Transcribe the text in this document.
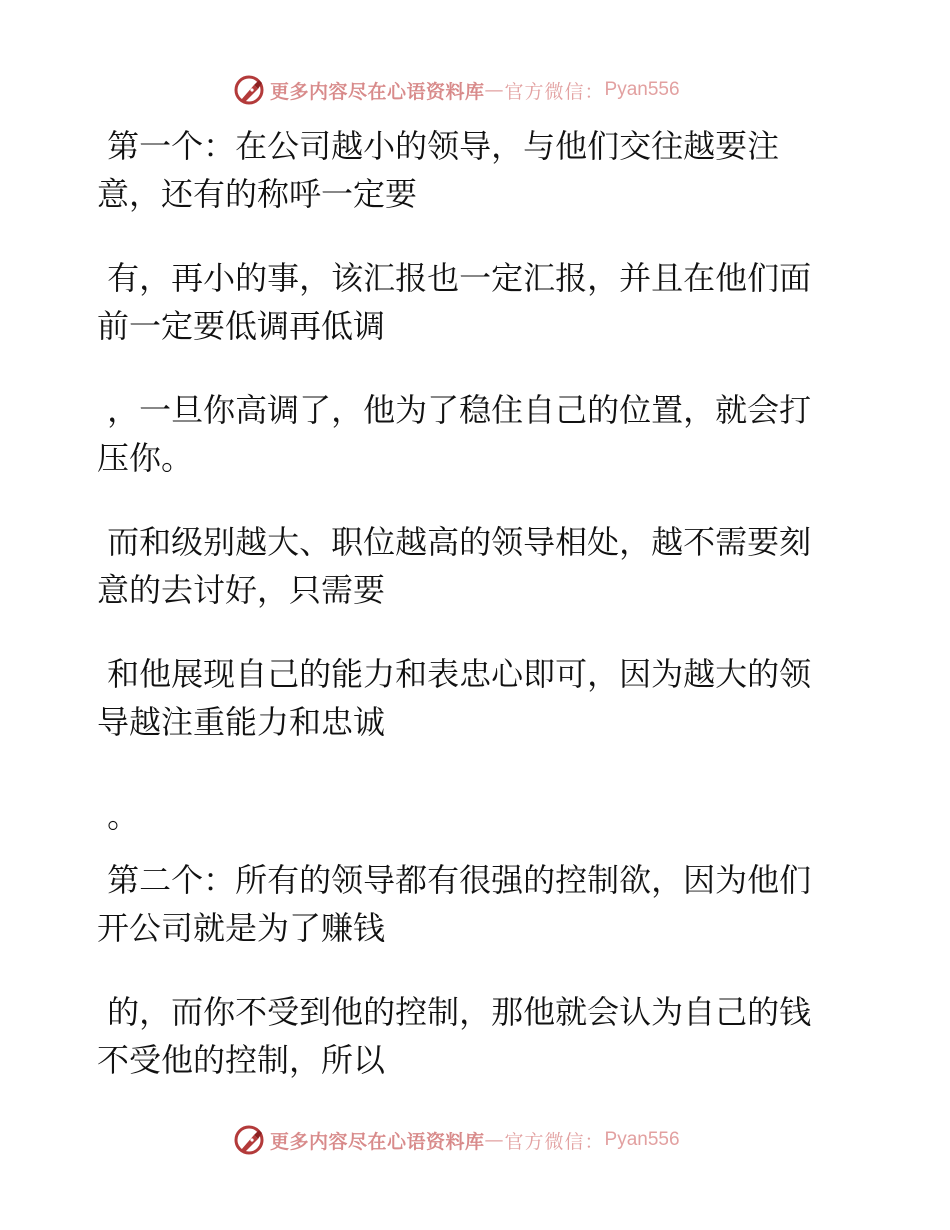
更多内容尽在心语资料库 — 官方微信： Pyan556

第一个：在公司越小的领导，与他们交往越要注意，还有的称呼一定要

有，再小的事，该汇报也一定汇报，并且在他们面前一定要低调再低调

，一旦你高调了，他为了稳住自己的位置，就会打压你。

而和级别越大、职位越高的领导相处，越不需要刻意的去讨好，只需要

和他展现自己的能力和表忠心即可，因为越大的领导越注重能力和忠诚

。

第二个：所有的领导都有很强的控制欲，因为他们开公司就是为了赚钱

的，而你不受到他的控制，那他就会认为自己的钱不受他的控制，所以

更多内容尽在心语资料库 — 官方微信： Pyan556
